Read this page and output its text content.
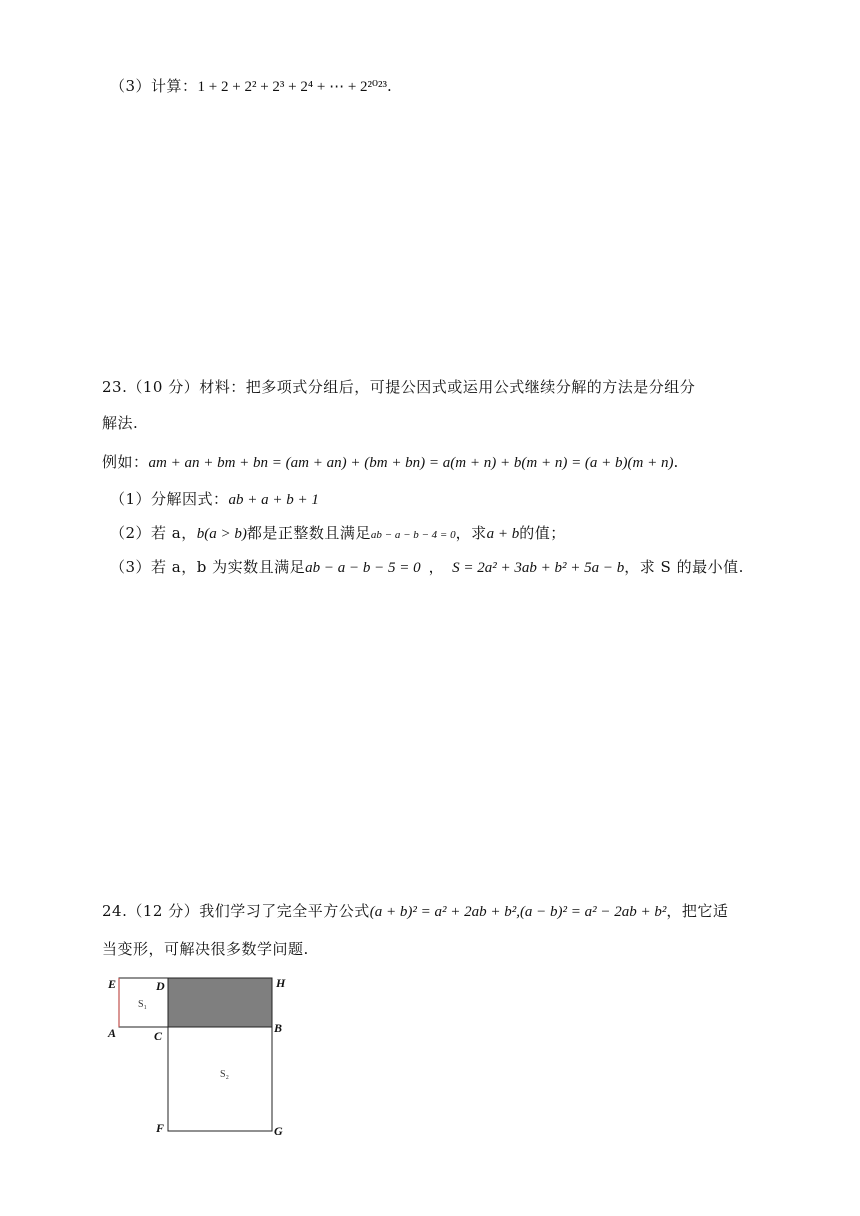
（3）计算：1 + 2 + 2² + 2³ + 2⁴ + ⋯ + 2²⁰²³.
23.（10 分）材料：把多项式分组后，可提公因式或运用公式继续分解的方法是分组分
解法.
例如：am + an + bm + bn = (am + an) + (bm + bn) = a(m + n) + b(m + n) = (a + b)(m + n).
（1）分解因式：ab + a + b + 1
（2）若 a，b(a > b)都是正整数且满足ab − a − b − 4 = 0，求a + b的值；
（3）若 a，b 为实数且满足ab − a − b − 5 = 0 ， S = 2a² + 3ab + b² + 5a − b，求 S 的最小值.
24.（12 分）我们学习了完全平方公式(a + b)² = a² + 2ab + b²,(a − b)² = a² − 2ab + b²，把它适
当变形，可解决很多数学问题.
S₁
S₂
E	D	H
A	C
B
F	G
